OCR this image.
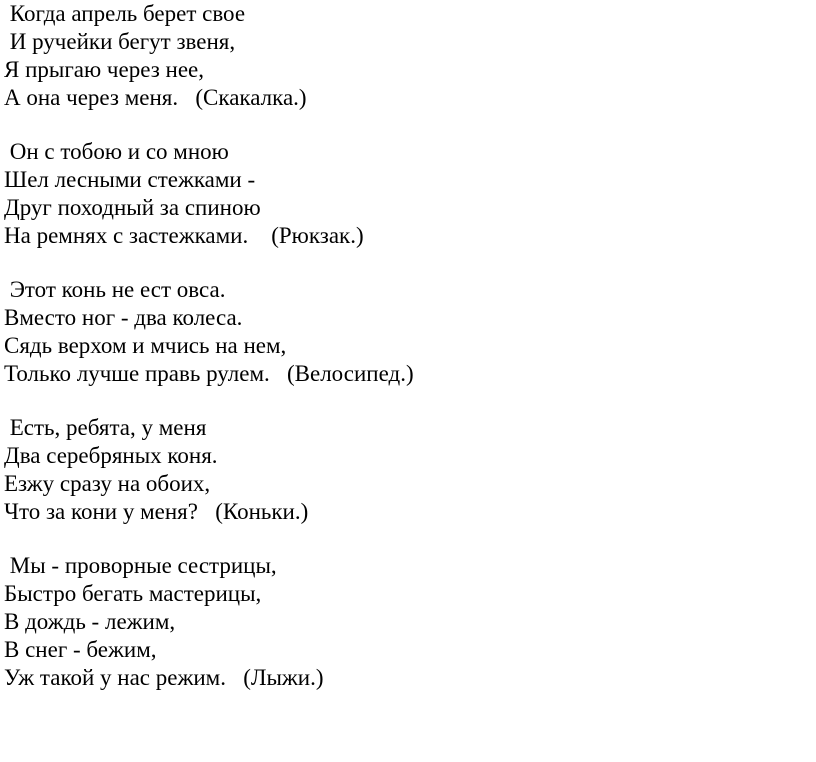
Когда апрель берет свое
И ручейки бегут звеня,
Я прыгаю через нее,
А она через меня.   (Скакалка.)
Он с тобою и со мною
Шел лесными стежками -
Друг походный за спиною
На ремнях с застежками.    (Рюкзак.)
Этот конь не ест овса.
Вместо ног - два колеса.
Сядь верхом и мчись на нем,
Только лучше правь рулем.   (Велосипед.)
Есть, ребята, у меня
Два серебряных коня.
Езжу сразу на обоих,
Что за кони у меня?   (Коньки.)
Мы - проворные сестрицы,
Быстро бегать мастерицы,
В дождь - лежим,
В снег - бежим,
Уж такой у нас режим.   (Лыжи.)
